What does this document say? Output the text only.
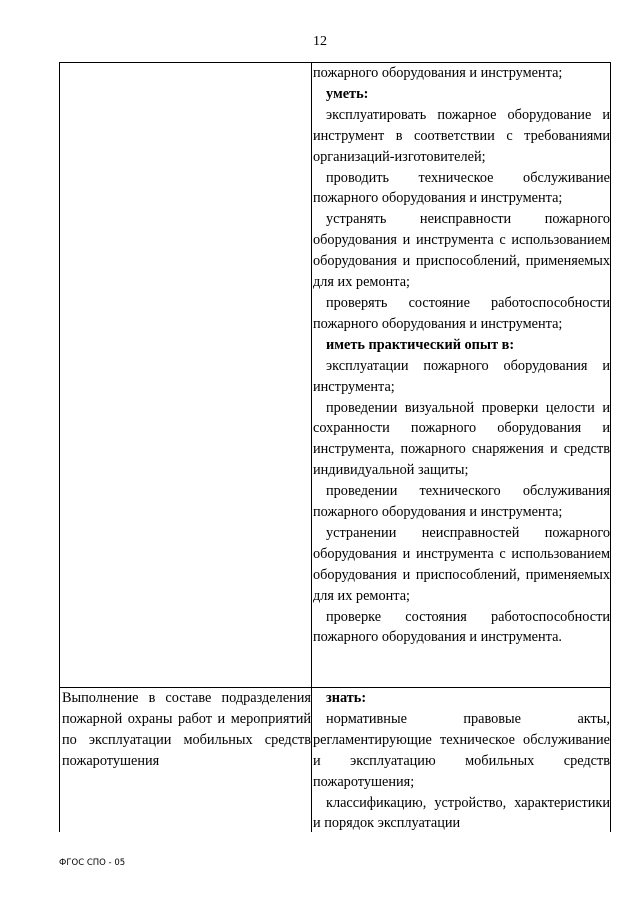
12

пожарного оборудования и инструмента;

уметь:

эксплуатировать пожарное оборудование и инструмент в соответствии с требованиями организаций-изготовителей;

проводить техническое обслуживание пожарного оборудования и инструмента;

устранять неисправности пожарного оборудования и инструмента с использованием оборудования и приспособлений, применяемых для их ремонта;

проверять состояние работоспособности пожарного оборудования и инструмента;

иметь практический опыт в:

эксплуатации пожарного оборудования и инструмента;

проведении визуальной проверки целости и сохранности пожарного оборудования и инструмента, пожарного снаряжения и средств индивидуальной защиты;

проведении технического обслуживания пожарного оборудования и инструмента;

устранении неисправностей пожарного оборудования и инструмента с использованием оборудования и приспособлений, применяемых для их ремонта;

проверке состояния работоспособности пожарного оборудования и инструмента.

Выполнение в составе подразделения пожарной охраны работ и мероприятий по эксплуатации мобильных средств пожаротушения

знать:

нормативные правовые акты, регламентирующие техническое обслуживание и эксплуатацию мобильных средств пожаротушения;

классификацию, устройство, характеристики и порядок эксплуатации

ФГОС СПО - 05
